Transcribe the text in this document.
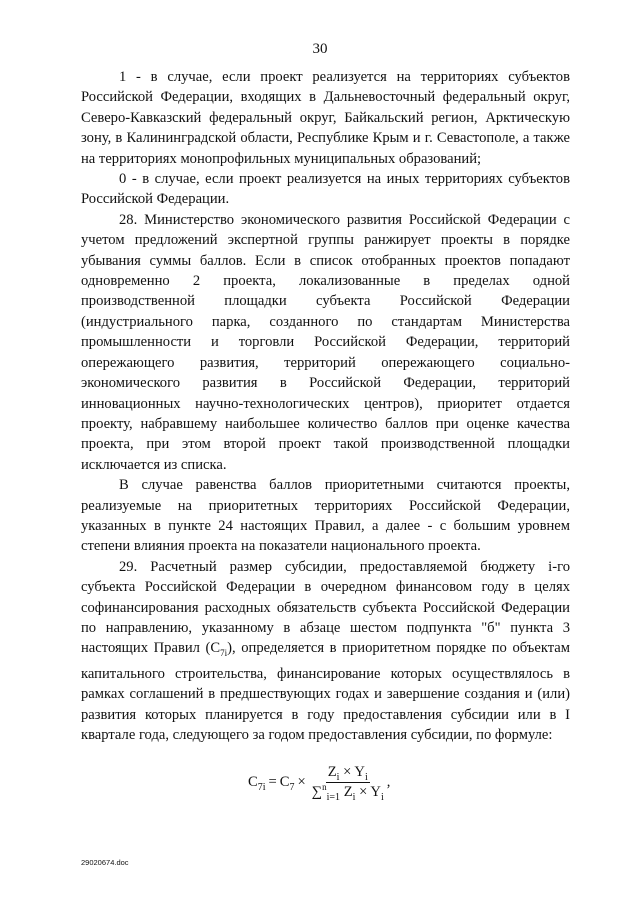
30

1 - в случае, если проект реализуется на территориях субъектов Российской Федерации, входящих в Дальневосточный федеральный округ, Северо-Кавказский федеральный округ, Байкальский регион, Арктическую зону, в Калининградской области, Республике Крым и г. Севастополе, а также на территориях монопрофильных муниципальных образований;

0 - в случае, если проект реализуется на иных территориях субъектов Российской Федерации.

28. Министерство экономического развития Российской Федерации с учетом предложений экспертной группы ранжирует проекты в порядке убывания суммы баллов. Если в список отобранных проектов попадают одновременно 2 проекта, локализованные в пределах одной производственной площадки субъекта Российской Федерации (индустриального парка, созданного по стандартам Министерства промышленности и торговли Российской Федерации, территорий опережающего развития, территорий опережающего социально-экономического развития в Российской Федерации, территорий инновационных научно-технологических центров), приоритет отдается проекту, набравшему наибольшее количество баллов при оценке качества проекта, при этом второй проект такой производственной площадки исключается из списка.

В случае равенства баллов приоритетными считаются проекты, реализуемые на приоритетных территориях Российской Федерации, указанных в пункте 24 настоящих Правил, а далее - с большим уровнем степени влияния проекта на показатели национального проекта.

29. Расчетный размер субсидии, предоставляемой бюджету i-го субъекта Российской Федерации в очередном финансовом году в целях софинансирования расходных обязательств субъекта Российской Федерации по направлению, указанному в абзаце шестом подпункта "б" пункта 3 настоящих Правил $(C_{7i})$, определяется в приоритетном порядке по объектам капитального строительства, финансирование которых осуществлялось в рамках соглашений в предшествующих годах и завершение создания и (или) развития которых планируется в году предоставления субсидии или в I квартале года, следующего за годом предоставления субсидии, по формуле:

$C_{7i} = C_7 \times \frac{Z_i \times Y_i}{\sum^n_{i=1} Z_i \times Y_i}$ ,
29020674.doc
